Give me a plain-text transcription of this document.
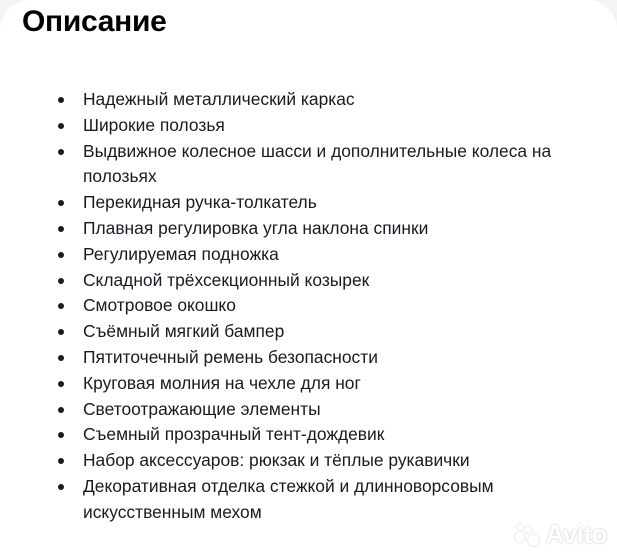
Описание
Надежный металлический каркас
Широкие полозья
Выдвижное колесное шасси и дополнительные колеса на полозьях
Перекидная ручка-толкатель
Плавная регулировка угла наклона спинки
Регулируемая подножка
Складной трёхсекционный козырек
Смотровое окошко
Съёмный мягкий бампер
Пятиточечный ремень безопасности
Круговая молния на чехле для ног
Светоотражающие элементы
Съемный прозрачный тент-дождевик
Набор аксессуаров: рюкзак и тёплые рукавички
Декоративная отделка стежкой и длинноворсовым искусственным мехом
Avito
